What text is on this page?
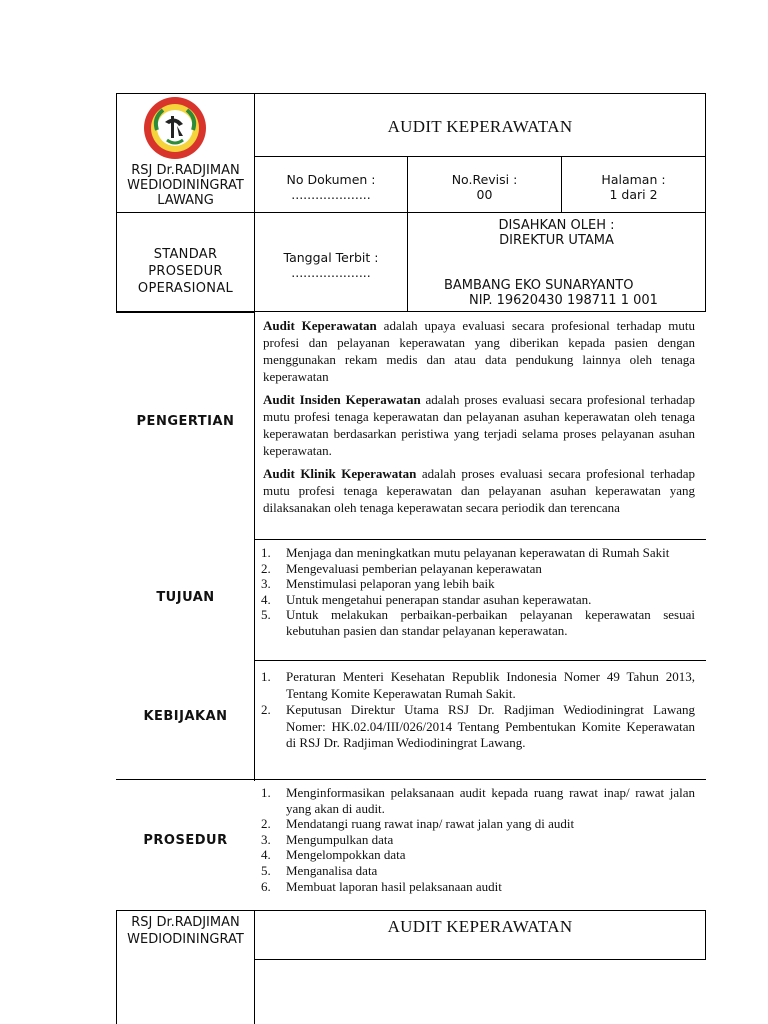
RSJ Dr.RADJIMAN
WEDIODININGRAT
LAWANG
AUDIT KEPERAWATAN
No Dokumen :
....................
No.Revisi :
00
Halaman :
1 dari 2
STANDAR
PROSEDUR
OPERASIONAL
Tanggal Terbit :
....................
DISAHKAN OLEH :
DIREKTUR UTAMA
BAMBANG EKO SUNARYANTO
NIP. 19620430 198711 1 001
PENGERTIAN
Audit Keperawatan adalah upaya evaluasi secara profesional terhadap mutu profesi dan pelayanan keperawatan yang diberikan kepada pasien dengan menggunakan rekam medis dan atau data pendukung lainnya oleh tenaga keperawatan
Audit Insiden Keperawatan adalah proses evaluasi secara profesional terhadap mutu profesi tenaga keperawatan dan pelayanan asuhan keperawatan oleh tenaga keperawatan berdasarkan peristiwa yang terjadi selama proses pelayanan asuhan keperawatan.
Audit Klinik Keperawatan adalah proses evaluasi secara profesional terhadap mutu profesi tenaga keperawatan dan pelayanan asuhan keperawatan yang dilaksanakan oleh tenaga keperawatan secara periodik dan terencana
TUJUAN
1. Menjaga dan meningkatkan mutu pelayanan keperawatan di Rumah Sakit
2. Mengevaluasi pemberian pelayanan keperawatan
3. Menstimulasi pelaporan yang lebih baik
4. Untuk mengetahui penerapan standar asuhan keperawatan.
5. Untuk melakukan perbaikan-perbaikan pelayanan keperawatan sesuai kebutuhan pasien dan standar pelayanan keperawatan.
KEBIJAKAN
1. Peraturan Menteri Kesehatan Republik Indonesia Nomer 49 Tahun 2013, Tentang Komite Keperawatan Rumah Sakit.
2. Keputusan Direktur Utama RSJ Dr. Radjiman Wediodiningrat Lawang Nomer: HK.02.04/III/026/2014 Tentang Pembentukan Komite Keperawatan di RSJ Dr. Radjiman Wediodiningrat Lawang.
PROSEDUR
1. Menginformasikan pelaksanaan audit kepada ruang rawat inap/ rawat jalan yang akan di audit.
2. Mendatangi ruang rawat inap/ rawat jalan yang di audit
3. Mengumpulkan data
4. Mengelompokkan data
5. Menganalisa data
6. Membuat laporan hasil pelaksanaan audit
RSJ Dr.RADJIMAN
WEDIODININGRAT
AUDIT KEPERAWATAN
